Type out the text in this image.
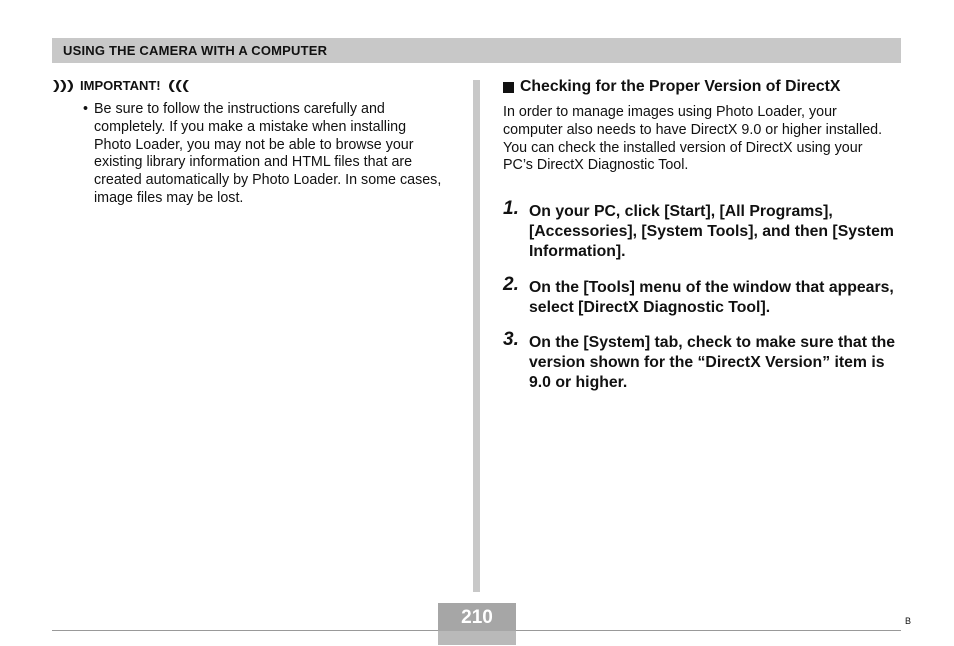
USING THE CAMERA WITH A COMPUTER
IMPORTANT!
• Be sure to follow the instructions carefully and completely. If you make a mistake when installing Photo Loader, you may not be able to browse your existing library information and HTML files that are created automatically by Photo Loader. In some cases, image files may be lost.
Checking for the Proper Version of DirectX
In order to manage images using Photo Loader, your computer also needs to have DirectX 9.0 or higher installed. You can check the installed version of DirectX using your PC’s DirectX Diagnostic Tool.
1. On your PC, click [Start], [All Programs], [Accessories], [System Tools], and then [System Information].
2. On the [Tools] menu of the window that appears, select [DirectX Diagnostic Tool].
3. On the [System] tab, check to make sure that the version shown for the “DirectX Version” item is 9.0 or higher.
210	B
